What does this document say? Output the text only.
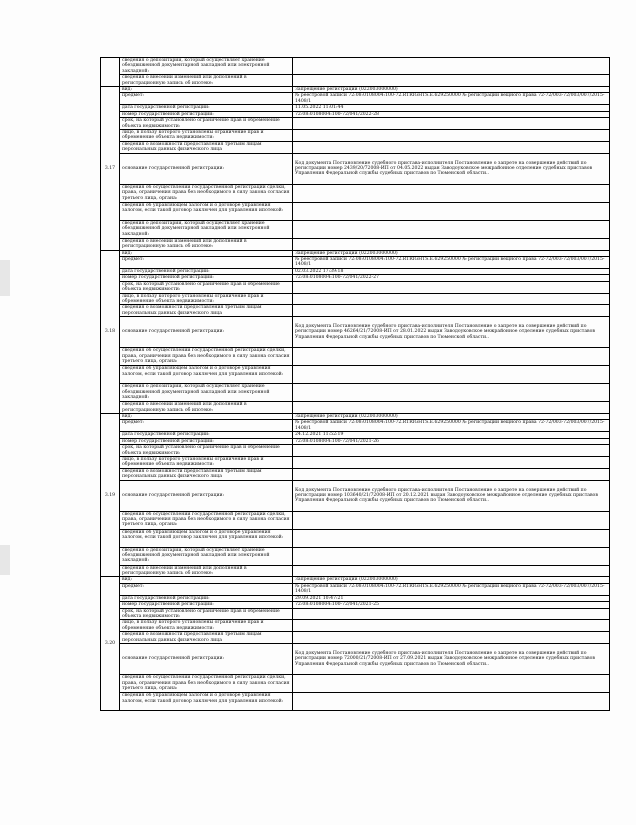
	сведения о депозитарии, который осуществляет хранение обездвиженной документарной закладной или электронной закладной:	
	сведения о внесении изменений или дополнений в регистрационную запись об ипотеке:	
3.17	вид:	Запрещение регистрации (022003000000)
	предмет:	№ реестровой записи 72:08:0108004:100-72.RTRIGHTS.E.629250000 № регистрации вещного права 72-72/003-72/003/007/2015-1408/1
	дата государственной регистрации:	11.05.2022 11:01:44
	номер государственной регистрации:	72:08:0108004:100-72/041/2022-28
	срок, на который установлено ограничение прав и обременение объекта недвижимости:	
	лицо, в пользу которого установлены ограничение прав и обременение объекта недвижимости:	
	сведения о возможности предоставления третьим лицам персональных данных физического лица	
	основание государственной регистрации:	Код документа Постановление судебного пристава-исполнителя Постановление о запрете на совершение действий по регистрации номер 2439/20/72008-ИП от 04.05.2022 выдан Заводоуковское межрайонное отделение судебных приставов Управления Федеральной службы судебных приставов по Тюменской области..
	сведения об осуществлении государственной регистрации сделки, права, ограничения права без необходимого в силу закона согласия третьего лица, органа:	
	сведения об управляющем залогом и о договоре управления залогом, если такой договор заключен для управления ипотекой:	
	сведения о депозитарии, который осуществляет хранение обездвиженной документарной закладной или электронной закладной:	
	сведения о внесении изменений или дополнений в регистрационную запись об ипотеке:	
3.18	вид:	Запрещение регистрации (022003000000)
	предмет:	№ реестровой записи 72:08:0108004:100-72.RTRIGHTS.E.629250000 № регистрации вещного права 72-72/003-72/003/007/2015-1408/1
	дата государственной регистрации:	02.03.2022 17:39:18
	номер государственной регистрации:	72:08:0108004:100-72/041/2022-27
	срок, на который установлено ограничение прав и обременение объекта недвижимости:	
	лицо, в пользу которого установлены ограничение прав и обременение объекта недвижимости:	
	сведения о возможности предоставления третьим лицам персональных данных физического лица	
	основание государственной регистрации:	Код документа Постановление судебного пристава-исполнителя Постановление о запрете на совершение действий по регистрации номер 46264/21/72008-ИП от 28.01.2022 выдан Заводоуковское межрайонное отделение судебных приставов Управления Федеральной службы судебных приставов по Тюменской области..
	сведения об осуществлении государственной регистрации сделки, права, ограничения права без необходимого в силу закона согласия третьего лица, органа:	
	сведения об управляющем залогом и о договоре управления залогом, если такой договор заключен для управления ипотекой:	
	сведения о депозитарии, который осуществляет хранение обездвиженной документарной закладной или электронной закладной:	
	сведения о внесении изменений или дополнений в регистрационную запись об ипотеке:	
3.19	вид:	Запрещение регистрации (022003000000)
	предмет:	№ реестровой записи 72:08:0108004:100-72.RTRIGHTS.E.629250000 № регистрации вещного права 72-72/003-72/003/007/2015-1408/1
	дата государственной регистрации:	24.12.2021 11:52:19
	номер государственной регистрации:	72:08:0108004:100-72/041/2021-26
	срок, на который установлено ограничение прав и обременение объекта недвижимости:	
	лицо, в пользу которого установлены ограничение прав и обременение объекта недвижимости:	
	сведения о возможности предоставления третьим лицам персональных данных физического лица	
	основание государственной регистрации:	Код документа Постановление судебного пристава-исполнителя Постановление о запрете на совершение действий по регистрации номер 103640/21/72008-ИП от 20.12.2021 выдан Заводоуковское межрайонное отделение судебных приставов Управления Федеральной службы судебных приставов по Тюменской области..
	сведения об осуществлении государственной регистрации сделки, права, ограничения права без необходимого в силу закона согласия третьего лица, органа:	
	сведения об управляющем залогом и о договоре управления залогом, если такой договор заключен для управления ипотекой:	
	сведения о депозитарии, который осуществляет хранение обездвиженной документарной закладной или электронной закладной:	
	сведения о внесении изменений или дополнений в регистрационную запись об ипотеке:	
3.20	вид:	Запрещение регистрации (022003000000)
	предмет:	№ реестровой записи 72:08:0108004:100-72.RTRIGHTS.E.629250000 № регистрации вещного права 72-72/003-72/003/007/2015-1408/1
	дата государственной регистрации:	29.09.2021 10:47:21
	номер государственной регистрации:	72:08:0108004:100-72/041/2021-25
	срок, на который установлено ограничение прав и обременение объекта недвижимости:	
	лицо, в пользу которого установлены ограничение прав и обременение объекта недвижимости:	
	сведения о возможности предоставления третьим лицам персональных данных физического лица	
	основание государственной регистрации:	Код документа Постановление судебного пристава-исполнителя Постановление о запрете на совершение действий по регистрации номер 72000/21/72008-ИП от 27.09.2021 выдан Заводоуковское межрайонное отделение судебных приставов Управления Федеральной службы судебных приставов по Тюменской области..
	сведения об осуществлении государственной регистрации сделки, права, ограничения права без необходимого в силу закона согласия третьего лица, органа:	
	сведения об управляющем залогом и о договоре управления залогом, если такой договор заключен для управления ипотекой:	
